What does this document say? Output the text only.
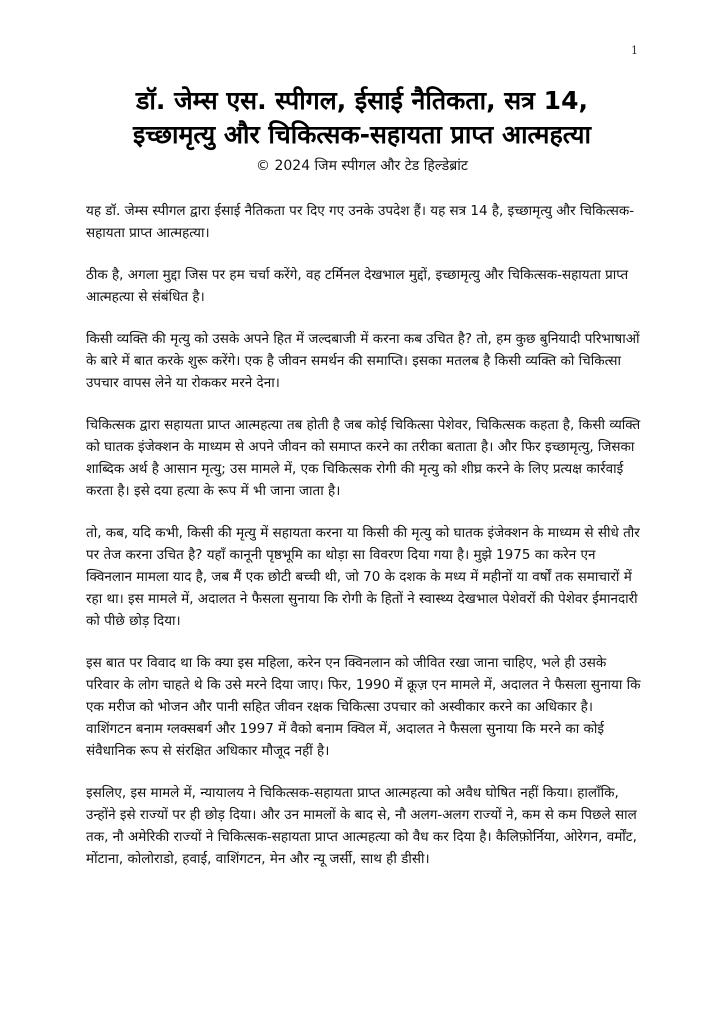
1
डॉ. जेम्स एस. स्पीगल, ईसाई नैतिकता, सत्र 14,
इच्छामृत्यु और चिकित्सक-सहायता प्राप्त आत्महत्या
© 2024 जिम स्पीगल और टेड हिल्डेब्रांट

यह डॉ. जेम्स स्पीगल द्वारा ईसाई नैतिकता पर दिए गए उनके उपदेश हैं। यह सत्र 14 है, इच्छामृत्यु और चिकित्सक-सहायता प्राप्त आत्महत्या।

ठीक है, अगला मुद्दा जिस पर हम चर्चा करेंगे, वह टर्मिनल देखभाल मुद्दों, इच्छामृत्यु और चिकित्सक-सहायता प्राप्त आत्महत्या से संबंधित है।

किसी व्यक्ति की मृत्यु को उसके अपने हित में जल्दबाजी में करना कब उचित है? तो, हम कुछ बुनियादी परिभाषाओं के बारे में बात करके शुरू करेंगे। एक है जीवन समर्थन की समाप्ति। इसका मतलब है किसी व्यक्ति को चिकित्सा उपचार वापस लेने या रोककर मरने देना।

चिकित्सक द्वारा सहायता प्राप्त आत्महत्या तब होती है जब कोई चिकित्सा पेशेवर, चिकित्सक कहता है, किसी व्यक्ति को घातक इंजेक्शन के माध्यम से अपने जीवन को समाप्त करने का तरीका बताता है। और फिर इच्छामृत्यु, जिसका शाब्दिक अर्थ है आसान मृत्यु; उस मामले में, एक चिकित्सक रोगी की मृत्यु को शीघ्र करने के लिए प्रत्यक्ष कार्रवाई करता है। इसे दया हत्या के रूप में भी जाना जाता है।

तो, कब, यदि कभी, किसी की मृत्यु में सहायता करना या किसी की मृत्यु को घातक इंजेक्शन के माध्यम से सीधे तौर पर तेज करना उचित है? यहाँ कानूनी पृष्ठभूमि का थोड़ा सा विवरण दिया गया है। मुझे 1975 का करेन एन क्विनलान मामला याद है, जब मैं एक छोटी बच्ची थी, जो 70 के दशक के मध्य में महीनों या वर्षों तक समाचारों में रहा था। इस मामले में, अदालत ने फैसला सुनाया कि रोगी के हितों ने स्वास्थ्य देखभाल पेशेवरों की पेशेवर ईमानदारी को पीछे छोड़ दिया।

इस बात पर विवाद था कि क्या इस महिला, करेन एन क्विनलान को जीवित रखा जाना चाहिए, भले ही उसके परिवार के लोग चाहते थे कि उसे मरने दिया जाए। फिर, 1990 में क्रूज़ एन मामले में, अदालत ने फैसला सुनाया कि एक मरीज को भोजन और पानी सहित जीवन रक्षक चिकित्सा उपचार को अस्वीकार करने का अधिकार है। वाशिंगटन बनाम ग्लक्सबर्ग और 1997 में वैको बनाम क्विल में, अदालत ने फैसला सुनाया कि मरने का कोई संवैधानिक रूप से संरक्षित अधिकार मौजूद नहीं है।

इसलिए, इस मामले में, न्यायालय ने चिकित्सक-सहायता प्राप्त आत्महत्या को अवैध घोषित नहीं किया। हालाँकि, उन्होंने इसे राज्यों पर ही छोड़ दिया। और उन मामलों के बाद से, नौ अलग-अलग राज्यों ने, कम से कम पिछले साल तक, नौ अमेरिकी राज्यों ने चिकित्सक-सहायता प्राप्त आत्महत्या को वैध कर दिया है। कैलिफ़ोर्निया, ओरेगन, वर्मोंट, मोंटाना, कोलोराडो, हवाई, वाशिंगटन, मेन और न्यू जर्सी, साथ ही डीसी।
